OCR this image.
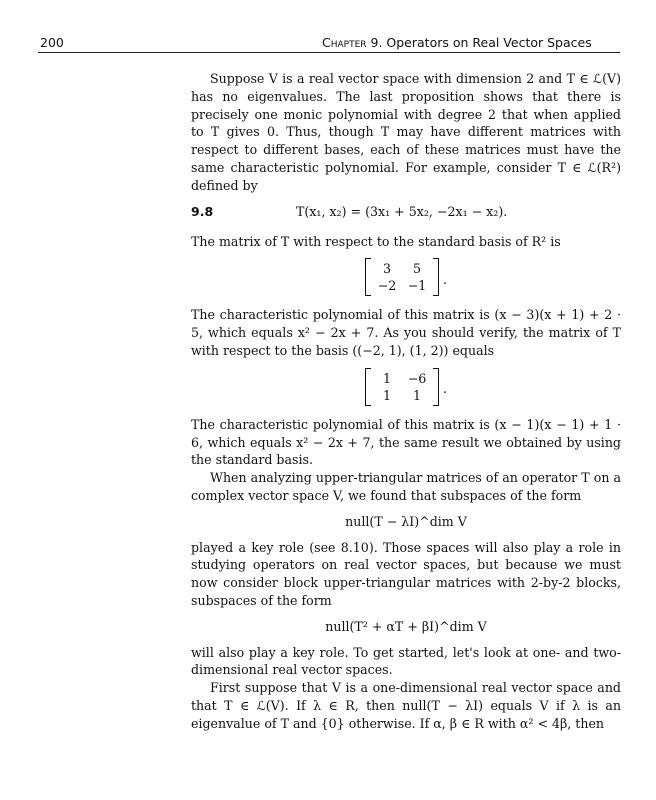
200	Chapter 9. Operators on Real Vector Spaces

Suppose V is a real vector space with dimension 2 and T ∈ ℒ(V) has no eigenvalues. The last proposition shows that there is precisely one monic polynomial with degree 2 that when applied to T gives 0. Thus, though T may have different matrices with respect to different bases, each of these matrices must have the same characteristic polynomial. For example, consider T ∈ ℒ(R²) defined by

9.8	T(x₁, x₂) = (3x₁ + 5x₂, −2x₁ − x₂).

The matrix of T with respect to the standard basis of R² is

3	5
−2 −1	.

The characteristic polynomial of this matrix is (x − 3)(x + 1) + 2 · 5, which equals x² − 2x + 7. As you should verify, the matrix of T with respect to the basis ((−2, 1), (1, 2)) equals

1	−6
1	1	.

The characteristic polynomial of this matrix is (x − 1)(x − 1) + 1 · 6, which equals x² − 2x + 7, the same result we obtained by using the standard basis.

When analyzing upper-triangular matrices of an operator T on a complex vector space V, we found that subspaces of the form

null(T − λI)^dim V

played a key role (see 8.10). Those spaces will also play a role in studying operators on real vector spaces, but because we must now consider block upper-triangular matrices with 2-by-2 blocks, subspaces of the form

null(T² + αT + βI)^dim V

will also play a key role. To get started, let's look at one- and two-dimensional real vector spaces.

First suppose that V is a one-dimensional real vector space and that T ∈ ℒ(V). If λ ∈ R, then null(T − λI) equals V if λ is an eigenvalue of T and {0} otherwise. If α, β ∈ R with α² < 4β, then
